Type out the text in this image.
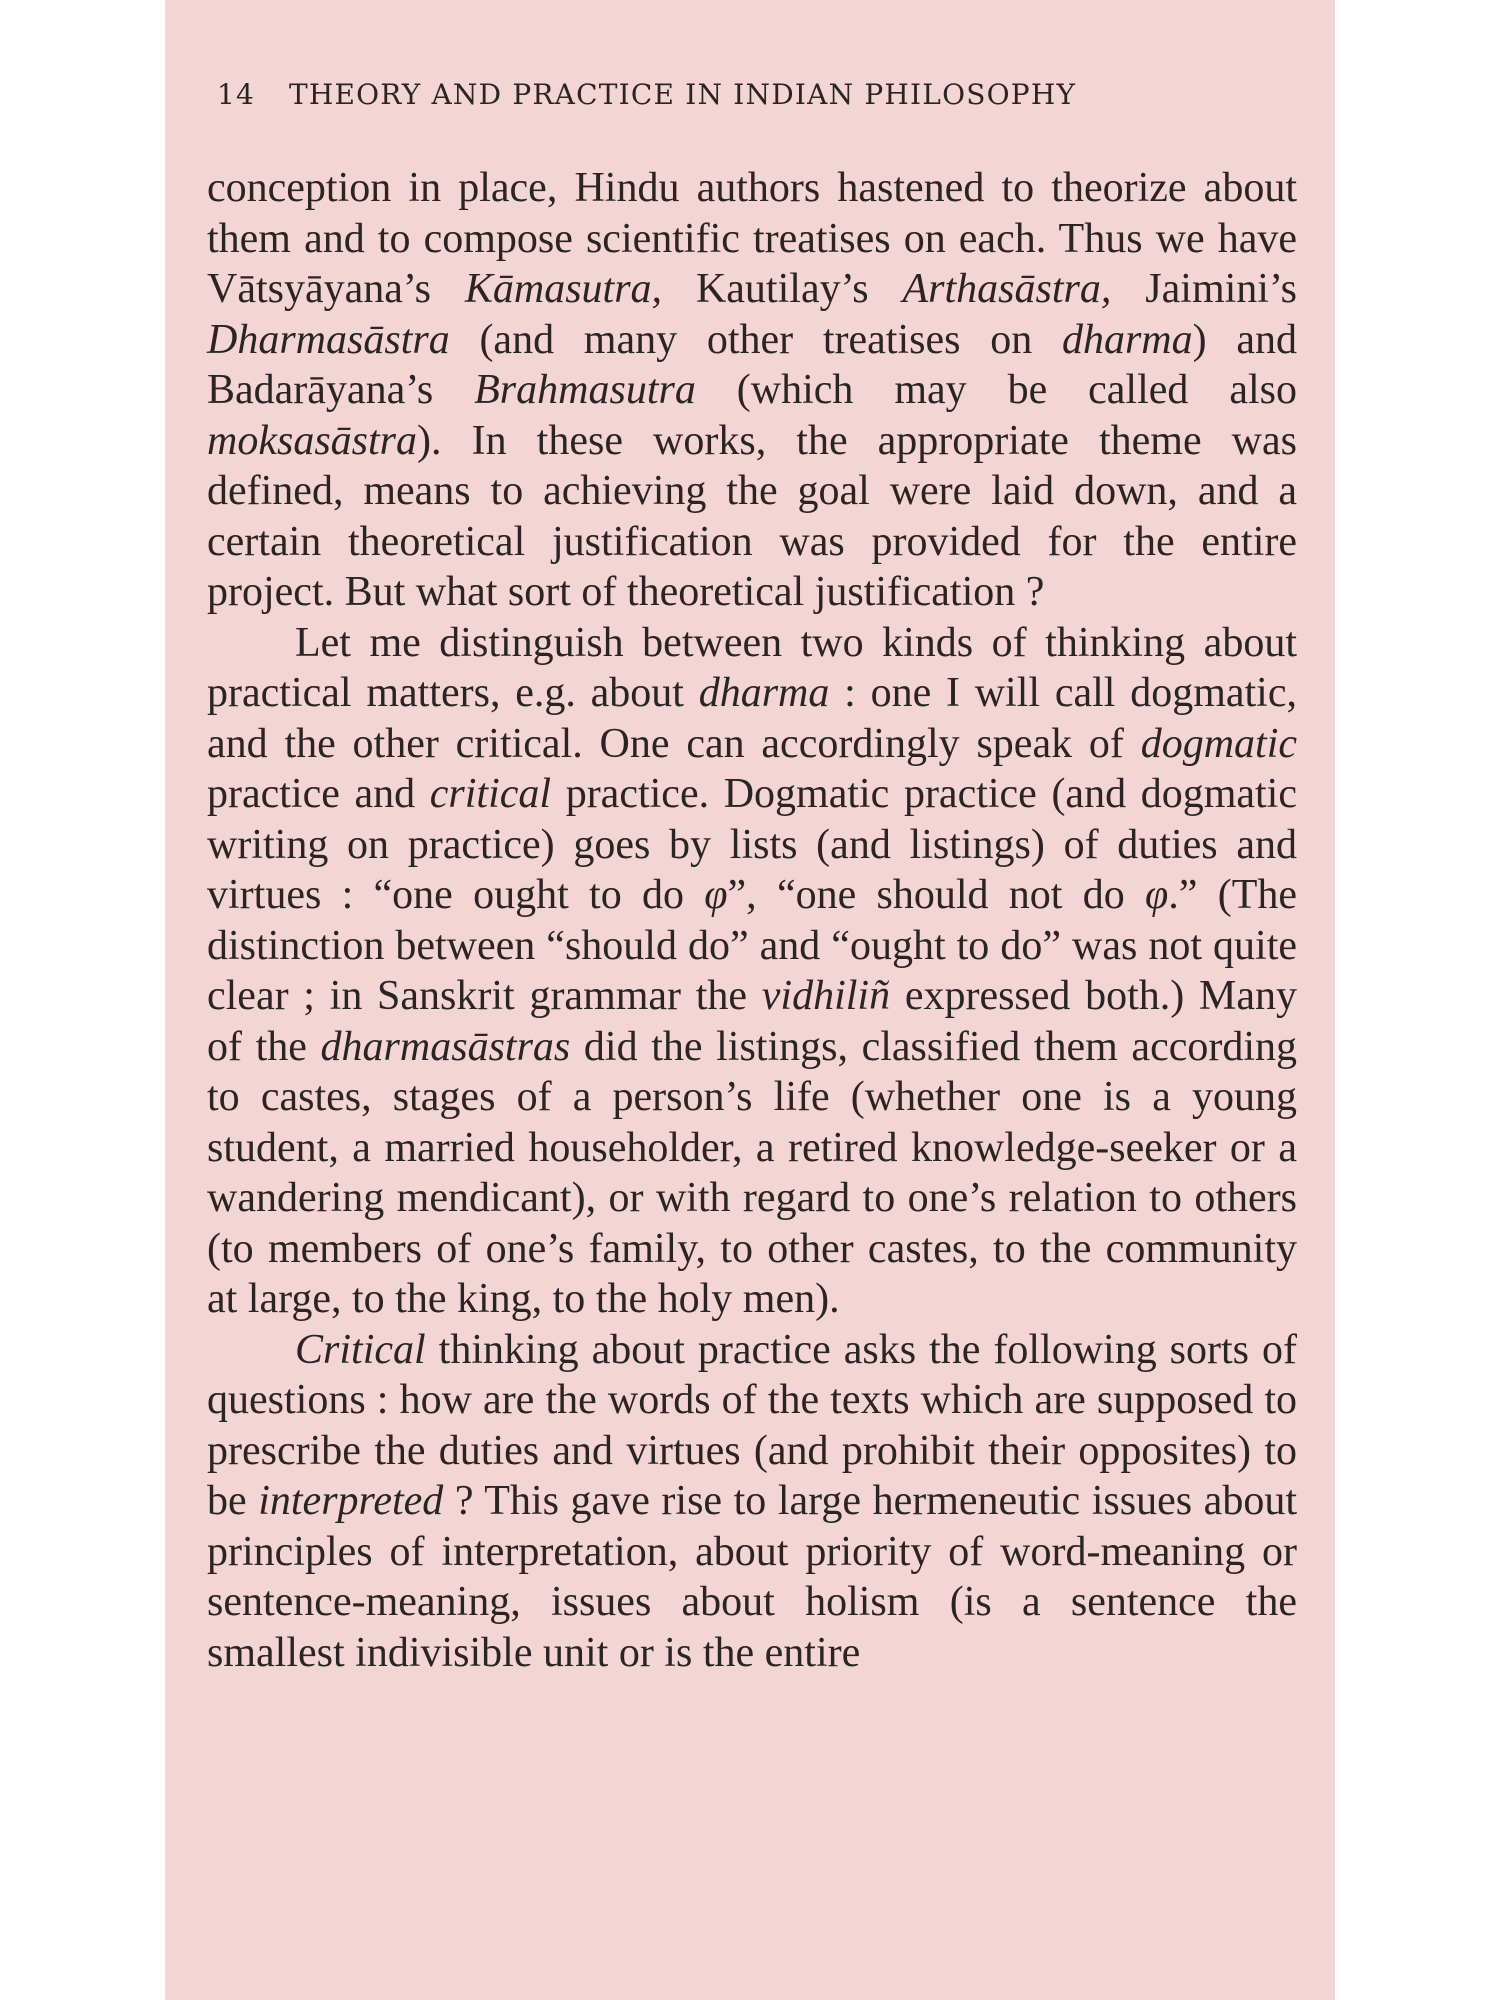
14 THEORY AND PRACTICE IN INDIAN PHILOSOPHY

conception in place, Hindu authors hastened to theorize about them and to compose scientific treatises on each. Thus we have Vātsyāyana’s Kāmasutra, Kautilay’s Arthasāstra, Jaimini’s Dharmasāstra (and many other treatises on dharma) and Badarāyana’s Brahmasutra (which may be called also moksasāstra). In these works, the appropriate theme was defined, means to achieving the goal were laid down, and a certain theoretical justification was provided for the entire project. But what sort of theoretical justification ?

Let me distinguish between two kinds of thinking about practical matters, e.g. about dharma : one I will call dogmatic, and the other critical. One can accordingly speak of dogmatic practice and critical practice. Dogmatic practice (and dogmatic writing on practice) goes by lists (and listings) of duties and virtues : “one ought to do φ”, “one should not do φ.” (The distinction between “should do” and “ought to do” was not quite clear ; in Sanskrit grammar the vidhiliñ expressed both.) Many of the dharmasāstras did the listings, classified them according to castes, stages of a person’s life (whether one is a young student, a married householder, a retired knowledge-seeker or a wandering mendicant), or with regard to one’s relation to others (to members of one’s family, to other castes, to the community at large, to the king, to the holy men).

Critical thinking about practice asks the following sorts of questions : how are the words of the texts which are supposed to prescribe the duties and virtues (and prohibit their opposites) to be interpreted ? This gave rise to large hermeneutic issues about principles of interpretation, about priority of word-meaning or sentence-meaning, issues about holism (is a sentence the smallest indivisible unit or is the entire
